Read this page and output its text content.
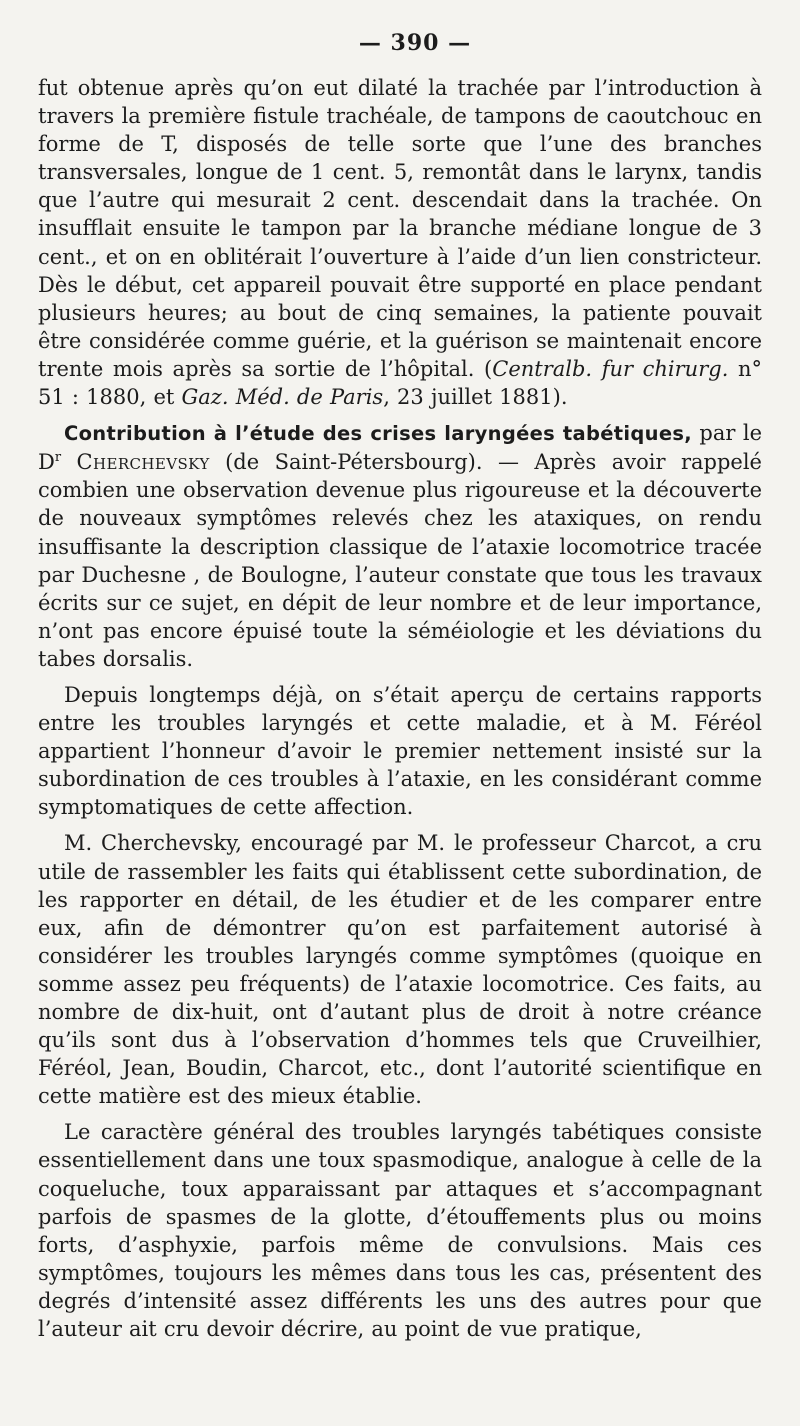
— 390 —

fut obtenue après qu’on eut dilaté la trachée par l’introduction à travers la première fistule trachéale, de tampons de caoutchouc en forme de T, disposés de telle sorte que l’une des branches transversales, longue de 1 cent. 5, remontât dans le larynx, tandis que l’autre qui mesurait 2 cent. descendait dans la trachée. On insufflait ensuite le tampon par la branche médiane longue de 3 cent., et on en oblitérait l’ouverture à l’aide d’un lien constricteur. Dès le début, cet appareil pouvait être supporté en place pendant plusieurs heures; au bout de cinq semaines, la patiente pouvait être considérée comme guérie, et la guérison se maintenait encore trente mois après sa sortie de l’hôpital. (Centralb. fur chirurg. n° 51 : 1880, et Gaz. Méd. de Paris, 23 juillet 1881).

Contribution à l’étude des crises laryngées tabétiques, par le $D^r$ Cherchevsky (de Saint-Pétersbourg). — Après avoir rappelé combien une observation devenue plus rigoureuse et la découverte de nouveaux symptômes relevés chez les ataxiques, on rendu insuffisante la description classique de l’ataxie locomotrice tracée par Duchesne , de Boulogne, l’auteur constate que tous les travaux écrits sur ce sujet, en dépit de leur nombre et de leur importance, n’ont pas encore épuisé toute la séméiologie et les déviations du tabes dorsalis.

Depuis longtemps déjà, on s’était aperçu de certains rapports entre les troubles laryngés et cette maladie, et à M. Féréol appartient l’honneur d’avoir le premier nettement insisté sur la subordination de ces troubles à l’ataxie, en les considérant comme symptomatiques de cette affection.

M. Cherchevsky, encouragé par M. le professeur Charcot, a cru utile de rassembler les faits qui établissent cette subordination, de les rapporter en détail, de les étudier et de les comparer entre eux, afin de démontrer qu’on est parfaitement autorisé à considérer les troubles laryngés comme symptômes (quoique en somme assez peu fréquents) de l’ataxie locomotrice. Ces faits, au nombre de dix-huit, ont d’autant plus de droit à notre créance qu’ils sont dus à l’observation d’hommes tels que Cruveilhier, Féréol, Jean, Boudin, Charcot, etc., dont l’autorité scientifique en cette matière est des mieux établie.

Le caractère général des troubles laryngés tabétiques consiste essentiellement dans une toux spasmodique, analogue à celle de la coqueluche, toux apparaissant par attaques et s’accompagnant parfois de spasmes de la glotte, d’étouffements plus ou moins forts, d’asphyxie, parfois même de convulsions. Mais ces symptômes, toujours les mêmes dans tous les cas, présentent des degrés d’intensité assez différents les uns des autres pour que l’auteur ait cru devoir décrire, au point de vue pratique,
